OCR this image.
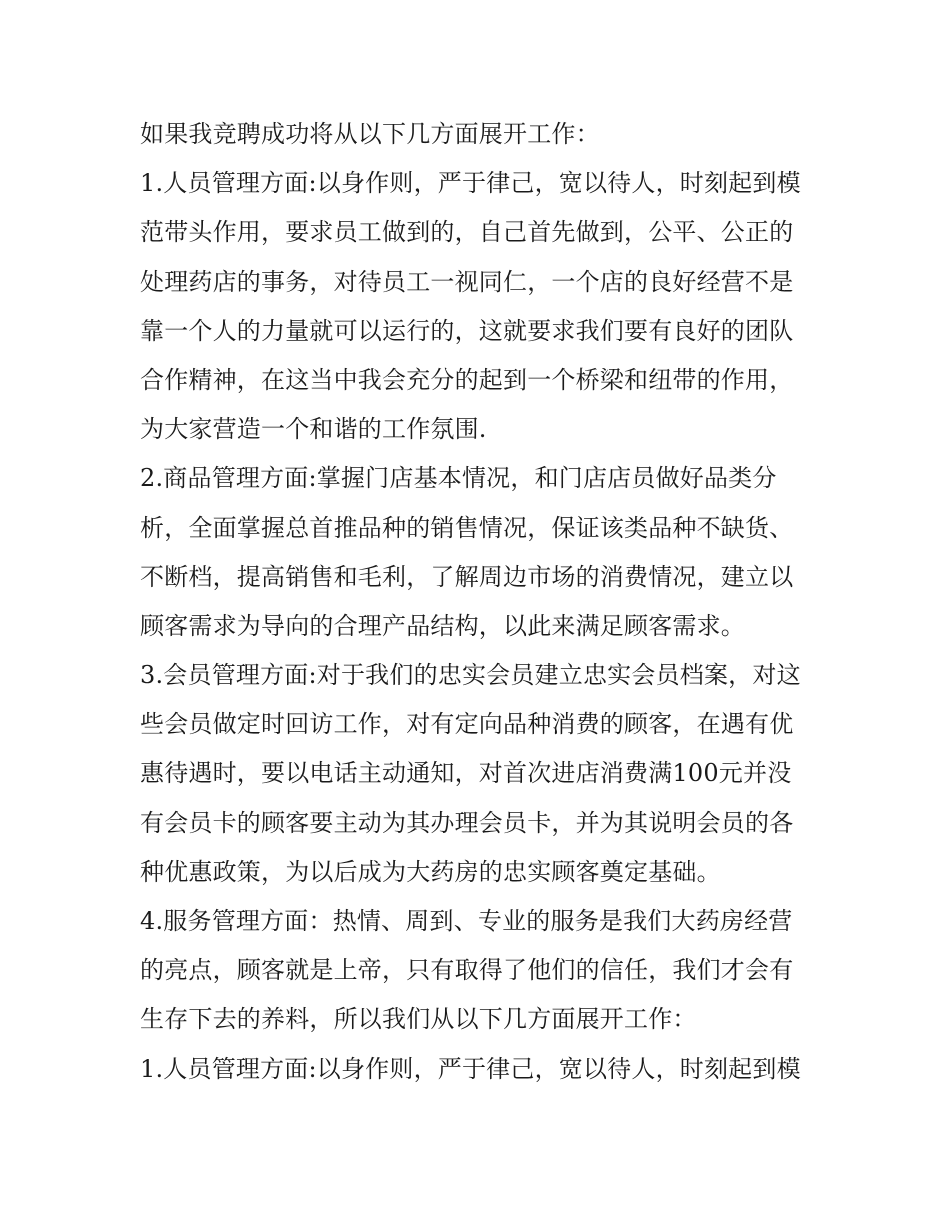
如果我竞聘成功将从以下几方面展开工作：
1.人员管理方面:以身作则，严于律己，宽以待人，时刻起到模
范带头作用，要求员工做到的，自己首先做到，公平、公正的
处理药店的事务，对待员工一视同仁，一个店的良好经营不是
靠一个人的力量就可以运行的，这就要求我们要有良好的团队
合作精神，在这当中我会充分的起到一个桥梁和纽带的作用，
为大家营造一个和谐的工作氛围.
2.商品管理方面:掌握门店基本情况，和门店店员做好品类分
析，全面掌握总首推品种的销售情况，保证该类品种不缺货、
不断档，提高销售和毛利，了解周边市场的消费情况，建立以
顾客需求为导向的合理产品结构，以此来满足顾客需求。
3.会员管理方面:对于我们的忠实会员建立忠实会员档案，对这
些会员做定时回访工作，对有定向品种消费的顾客，在遇有优
惠待遇时，要以电话主动通知，对首次进店消费满100元并没
有会员卡的顾客要主动为其办理会员卡，并为其说明会员的各
种优惠政策，为以后成为大药房的忠实顾客奠定基础。
4.服务管理方面：热情、周到、专业的服务是我们大药房经营
的亮点，顾客就是上帝，只有取得了他们的信任，我们才会有
生存下去的养料，所以我们从以下几方面展开工作：
1.人员管理方面:以身作则，严于律己，宽以待人，时刻起到模
